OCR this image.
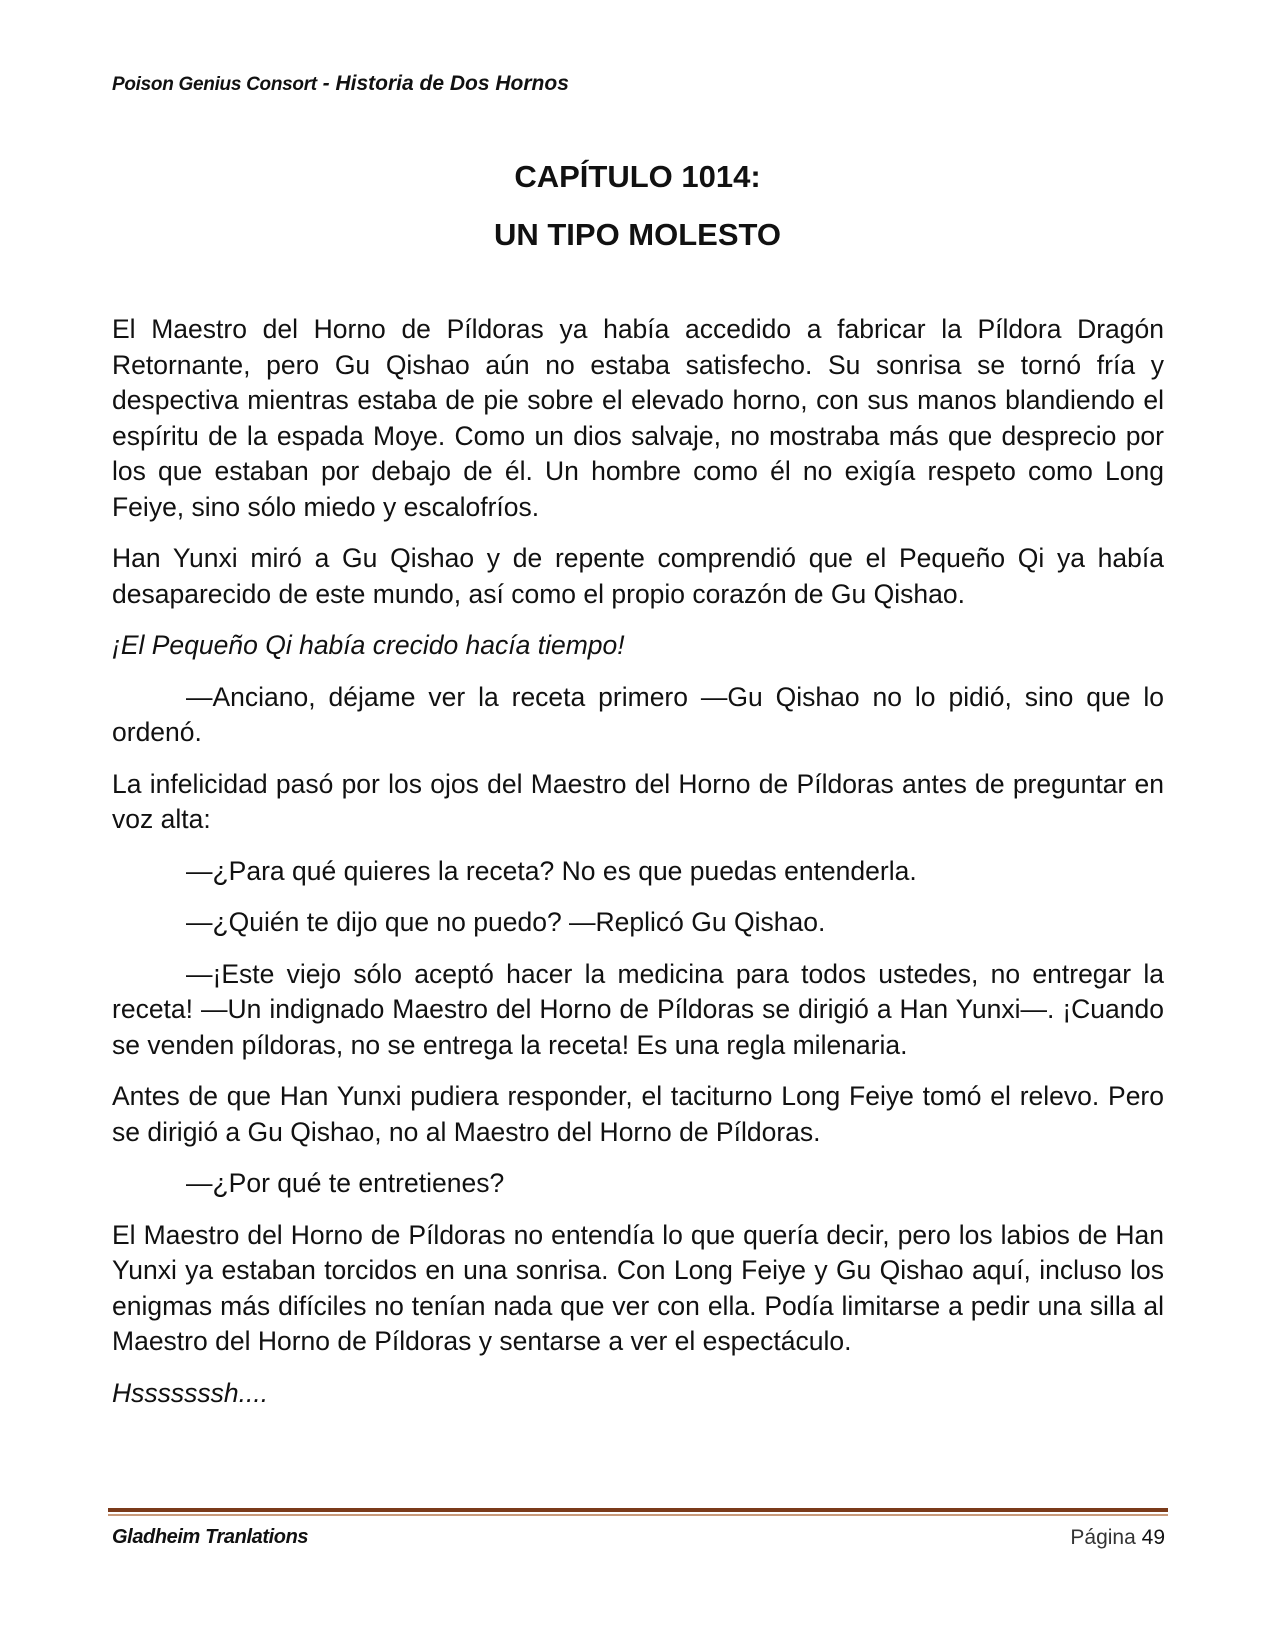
Poison Genius Consort - Historia de Dos Hornos
CAPÍTULO 1014:
UN TIPO MOLESTO

El Maestro del Horno de Píldoras ya había accedido a fabricar la Píldora Dragón Retornante, pero Gu Qishao aún no estaba satisfecho. Su sonrisa se tornó fría y despectiva mientras estaba de pie sobre el elevado horno, con sus manos blandiendo el espíritu de la espada Moye. Como un dios salvaje, no mostraba más que desprecio por los que estaban por debajo de él. Un hombre como él no exigía respeto como Long Feiye, sino sólo miedo y escalofríos.

Han Yunxi miró a Gu Qishao y de repente comprendió que el Pequeño Qi ya había desaparecido de este mundo, así como el propio corazón de Gu Qishao.

¡El Pequeño Qi había crecido hacía tiempo!

—Anciano, déjame ver la receta primero —Gu Qishao no lo pidió, sino que lo ordenó.

La infelicidad pasó por los ojos del Maestro del Horno de Píldoras antes de preguntar en voz alta:

—¿Para qué quieres la receta? No es que puedas entenderla.

—¿Quién te dijo que no puedo? —Replicó Gu Qishao.

—¡Este viejo sólo aceptó hacer la medicina para todos ustedes, no entregar la receta! —Un indignado Maestro del Horno de Píldoras se dirigió a Han Yunxi—. ¡Cuando se venden píldoras, no se entrega la receta! Es una regla milenaria.

Antes de que Han Yunxi pudiera responder, el taciturno Long Feiye tomó el relevo. Pero se dirigió a Gu Qishao, no al Maestro del Horno de Píldoras.

—¿Por qué te entretienes?

El Maestro del Horno de Píldoras no entendía lo que quería decir, pero los labios de Han Yunxi ya estaban torcidos en una sonrisa. Con Long Feiye y Gu Qishao aquí, incluso los enigmas más difíciles no tenían nada que ver con ella. Podía limitarse a pedir una silla al Maestro del Horno de Píldoras y sentarse a ver el espectáculo.

Hsssssssh....

Gladheim Tranlations	Página 49
